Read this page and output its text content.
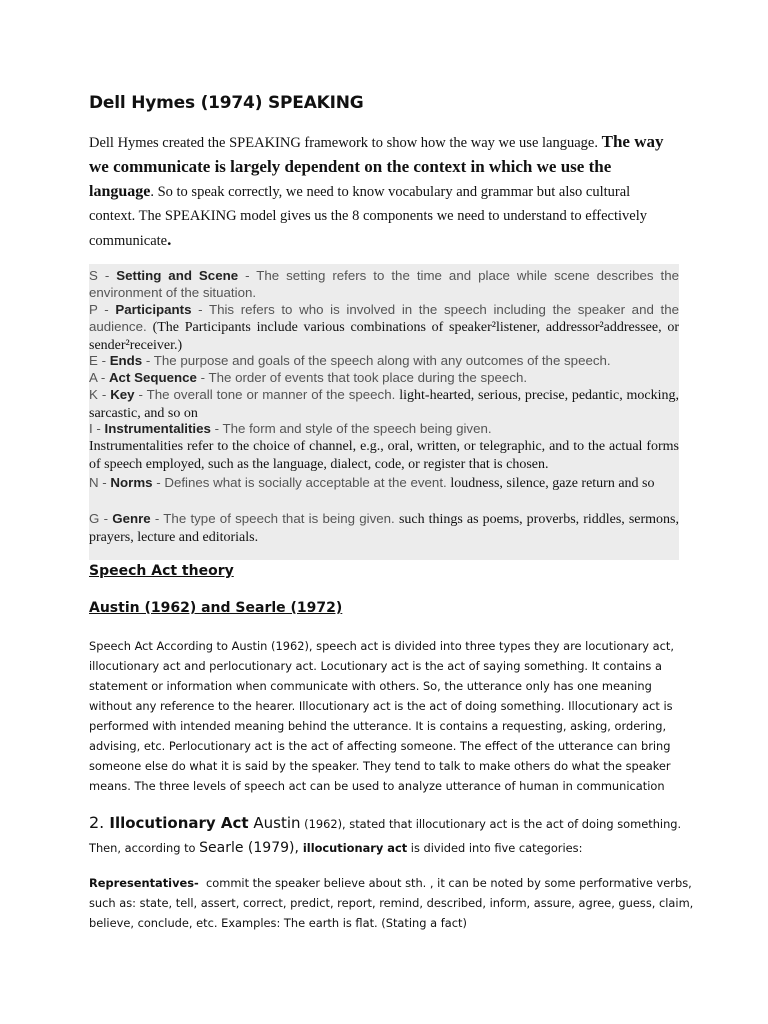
Dell Hymes (1974) SPEAKING
Dell Hymes created the SPEAKING framework to show how the way we use language. The way we communicate is largely dependent on the context in which we use the language. So to speak correctly, we need to know vocabulary and grammar but also cultural context. The SPEAKING model gives us the 8 components we need to understand to effectively communicate.
S - Setting and Scene - The setting refers to the time and place while scene describes the environment of the situation.
P - Participants - This refers to who is involved in the speech including the speaker and the audience. (The Participants include various combinations of speaker²listener, addressor²addressee, or sender²receiver.)
E - Ends - The purpose and goals of the speech along with any outcomes of the speech.
A - Act Sequence - The order of events that took place during the speech.
K - Key - The overall tone or manner of the speech. light-hearted, serious, precise, pedantic, mocking, sarcastic, and so on
I - Instrumentalities - The form and style of the speech being given.
Instrumentalities refer to the choice of channel, e.g., oral, written, or telegraphic, and to the actual forms of speech employed, such as the language, dialect, code, or register that is chosen.
N - Norms - Defines what is socially acceptable at the event. loudness, silence, gaze return and so
G - Genre - The type of speech that is being given. such things as poems, proverbs, riddles, sermons, prayers, lecture and editorials.
Speech Act theory
Austin (1962) and Searle (1972)
Speech Act According to Austin (1962), speech act is divided into three types they are locutionary act,
illocutionary act and perlocutionary act. Locutionary act is the act of saying something. It contains a
statement or information when communicate with others. So, the utterance only has one meaning
without any reference to the hearer. Illocutionary act is the act of doing something. Illocutionary act is
performed with intended meaning behind the utterance. It is contains a requesting, asking, ordering,
advising, etc. Perlocutionary act is the act of affecting someone. The effect of the utterance can bring
someone else do what it is said by the speaker. They tend to talk to make others do what the speaker
means. The three levels of speech act can be used to analyze utterance of human in communication
2. Illocutionary Act Austin (1962), stated that illocutionary act is the act of doing something.
Then, according to Searle (1979), illocutionary act is divided into five categories:
Representatives-  commit the speaker believe about sth. , it can be noted by some performative verbs,
such as: state, tell, assert, correct, predict, report, remind, described, inform, assure, agree, guess, claim,
believe, conclude, etc. Examples: The earth is flat. (Stating a fact)
